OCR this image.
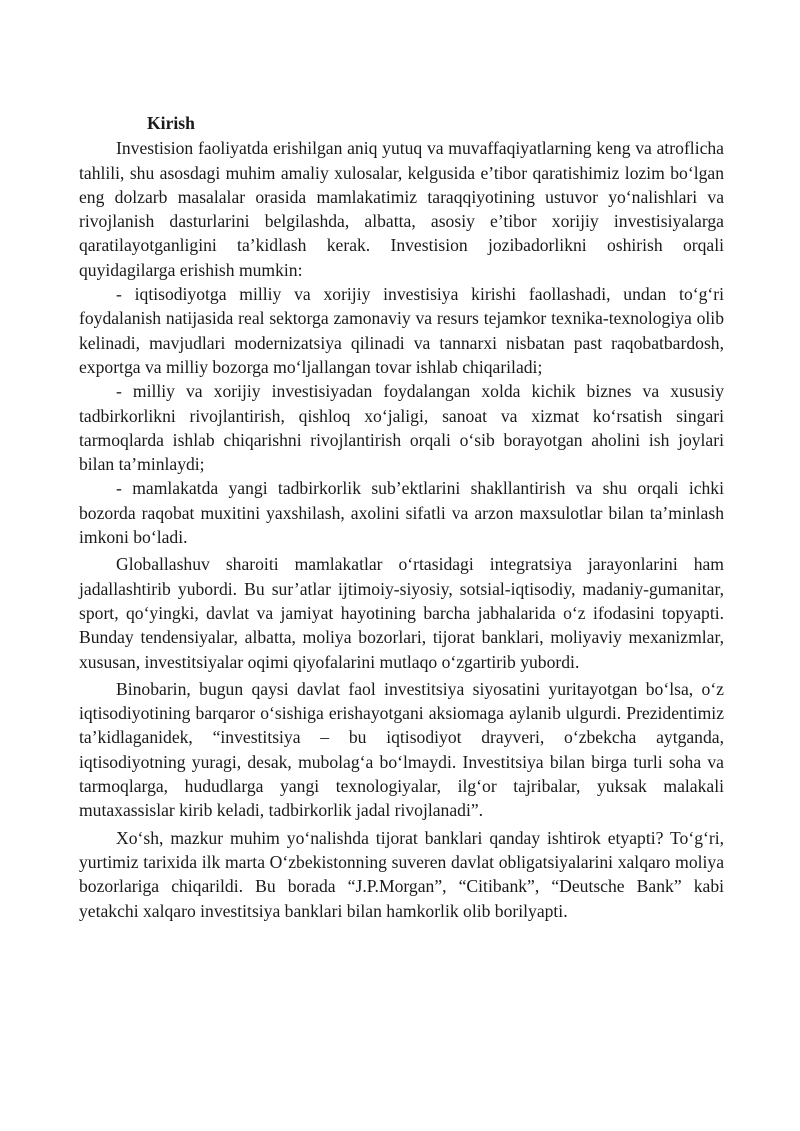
Kirish

Investision faoliyatda erishilgan aniq yutuq va muvaffaqiyatlarning keng va atroflicha tahlili, shu asosdagi muhim amaliy xulosalar, kelgusida e’tibor qaratishimiz lozim bo‘lgan eng dolzarb masalalar orasida mamlakatimiz taraqqiyotining ustuvor yo‘nalishlari va rivojlanish dasturlarini belgilashda, albatta, asosiy e’tibor xorijiy investisiyalarga qaratilayotganligini ta’kidlash kerak. Investision jozibadorlikni oshirish orqali quyidagilarga erishish mumkin:

- iqtisodiyotga milliy va xorijiy investisiya kirishi faollashadi, undan to‘g‘ri foydalanish natijasida real sektorga zamonaviy va resurs tejamkor texnika-texnologiya olib kelinadi, mavjudlari modernizatsiya qilinadi va tannarxi nisbatan past raqobatbardosh, exportga va milliy bozorga mo‘ljallangan tovar ishlab chiqariladi;

- milliy va xorijiy investisiyadan foydalangan xolda kichik biznes va xususiy tadbirkorlikni rivojlantirish, qishloq xo‘jaligi, sanoat va xizmat ko‘rsatish singari tarmoqlarda ishlab chiqarishni rivojlantirish orqali o‘sib borayotgan aholini ish joylari bilan ta’minlaydi;

- mamlakatda yangi tadbirkorlik sub’ektlarini shakllantirish va shu orqali ichki bozorda raqobat muxitini yaxshilash, axolini sifatli va arzon maxsulotlar bilan ta’minlash imkoni bo‘ladi.

Globallashuv sharoiti mamlakatlar o‘rtasidagi integratsiya jarayonlarini ham jadallashtirib yubordi. Bu sur’atlar ijtimoiy-siyosiy, sotsial-iqtisodiy, madaniy-gumanitar, sport, qo‘yingki, davlat va jamiyat hayotining barcha jabhalarida o‘z ifodasini topyapti. Bunday tendensiyalar, albatta, moliya bozorlari, tijorat banklari, moliyaviy mexanizmlar, xususan, investitsiyalar oqimi qiyofalarini mutlaqo o‘zgartirib yubordi.

Binobarin, bugun qaysi davlat faol investitsiya siyosatini yuritayotgan bo‘lsa, o‘z iqtisodiyotining barqaror o‘sishiga erishayotgani aksiomaga aylanib ulgurdi. Prezidentimiz ta’kidlaganidek, “investitsiya – bu iqtisodiyot drayveri, o‘zbekcha aytganda, iqtisodiyotning yuragi, desak, mubolag‘a bo‘lmaydi. Investitsiya bilan birga turli soha va tarmoqlarga, hududlarga yangi texnologiyalar, ilg‘or tajribalar, yuksak malakali mutaxassislar kirib keladi, tadbirkorlik jadal rivojlanadi”.

Xo‘sh, mazkur muhim yo‘nalishda tijorat banklari qanday ishtirok etyapti? To‘g‘ri, yurtimiz tarixida ilk marta O‘zbekistonning suveren davlat obligatsiyalarini xalqaro moliya bozorlariga chiqarildi. Bu borada “J.P.Morgan”, “Citibank”, “Deutsche Bank” kabi yetakchi xalqaro investitsiya banklari bilan hamkorlik olib borilyapti.
